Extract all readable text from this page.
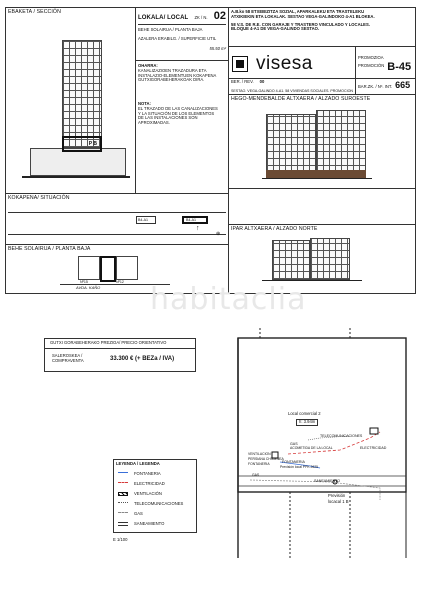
EBAKETA / SECCIÓN
P B
LOKALA/ LOCAL ZK / N. 02
BEHE SOLAIRUA / PLANTA BAJA
AZALERA ERABILG. / SUPERFICIE UTIL
55.50 m²
OHARRA:
KANALIZAZIOEN TRAZADURA ETA
INSTALAZIO-ELEMENTUEN KOKAPENA
GUTXIGORABEHERAKOAK DIRA.
NOTA:
EL TRAZADO DE LAS CANALIZACIONES
Y LA SITUACIÓN DE LOS ELEMENTOS
DE LAS INSTALACIONES SON
APROXIMADAS.
A.B.ko 58 ETXEBIZITZA SOZIAL, APARKALEKU ETA TRASTELEKU
ATXIKIEKIN ETA LOKALAK. SESTAO VEGA-GALINDOKO 4-A1 BLOKEA.
58 V.S. DE R.E. CON GARAJE Y TRASTERO VINCULADO Y LOCALES.
BLOQUE 4-A1 DE VEGA-GALINDO SESTAO.
visesa	PROMOZIOA
PROMOCIÓN B-45
BER. / REV. 00
BAR.ZK. / Nº. INT. 665
SESTAO. VEGA-GALINDO 4-A1. 58 VIVIENDAS SOCIALES. PROMOCION
HEGO-MENDEBALDE ALTXAERA / ALZADO SUROESTE
KOKAPENA/ SITUACIÓN
B4-A1	B4-A1
↑
⊕
IPAR ALTXAERA / ALZADO NORTE
BEHE SOLAIRUA / PLANTA BAJA
Nº15	Nº12
AVDA. KAÑO habitaclia
GUTXI GORABEHERAKO PREZIOA/ PRECIO ORIENTATIVO
SALEROSKEA /
COMPRAVENTA	33.300 € (+ BEZa / IVA)
LEYENDA / LEGENDA
FONTANERIA
ELECTRICIDAD
VENTILACIÓN
TELECOMUNICACIONES
GAS
SANEAMIENTO
E 1/100
Local comercial 2
h: 3.94m
TELECOMUNICACIONES
GAS
ACOMETIDA DE LA LOCAL	ELECTRICIDAD
VENTILACION
PERSIANA CHIMENEA
FONTANERIA	FONTANERIA
Previsión local PPK 2625
SANEAMIENTO
GAS
Previsión
locacal 1 B
